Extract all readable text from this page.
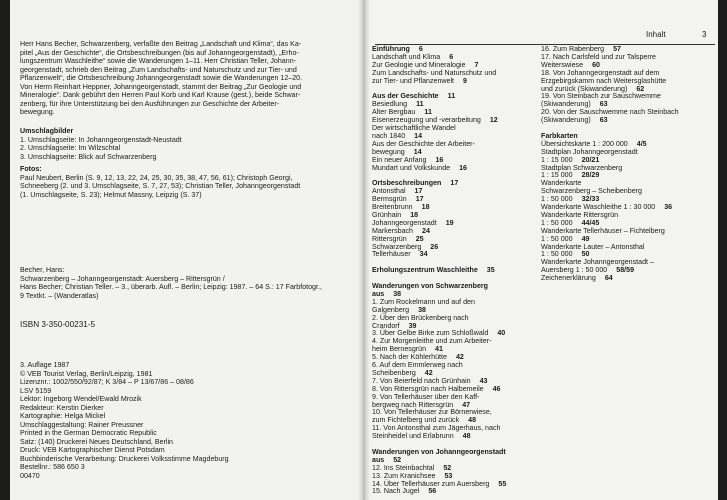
Herr Hans Becher, Schwarzenberg, verfaßte den Beitrag „Landschaft und Klima“, das Ka-
pitel „Aus der Geschichte“, die Ortsbeschreibungen (bis auf Johanngeorgenstadt), „Erho-
lungszentrum Waschleithe“ sowie die Wanderungen 1–11. Herr Christian Teller, Johann-
georgenstadt, schrieb den Beitrag „Zum Landschafts- und Naturschutz und zur Tier- und
Pflanzenwelt“, die Ortsbeschreibung Johanngeorgenstadt sowie die Wanderungen 12–20.
Von Herrn Reinhart Heppner, Johanngeorgenstadt, stammt der Beitrag „Zur Geologie und
Mineralogie“. Dank gebührt den Herren Paul Korb und Karl Krause (gest.), beide Schwar-
zenberg, für ihre Unterstützung bei den Ausführungen zur Geschichte der Arbeiter-
bewegung.
Umschlagbilder
1. Umschlagseite: In Johanngeorgenstadt-Neustadt
2. Umschlagseite: Im Wilzschtal
3. Umschlagseite: Blick auf Schwarzenberg
Fotos:
Paul Neubert, Berlin (S. 9, 12, 13, 22, 24, 25, 30, 35, 38, 47, 56, 61); Christoph Georgi,
Schneeberg (2. und 3. Umschlagseite, S. 7, 27, 53); Christian Teller, Johanngeorgenstadt
(1. Umschlagseite, S. 23); Helmut Massny, Leipzig (S. 37)
Becher, Hans:
Schwarzenberg – Johanngeorgenstadt: Auersberg – Rittersgrün /
Hans Becher; Christian Teller. – 3., überarb. Aufl. – Berlin; Leipzig: 1987. – 64 S.: 17 Farbfotogr.,
9 Textkt. – (Wanderatlas)
ISBN 3-350-00231-5
3. Auflage 1987
© VEB Tourist Verlag, Berlin/Leipzig, 1981
Lizenznr.: 1002/550/92/87; K 3/84 – P 13/67/86 – 08/86
LSV 5159
Lektor: Ingeborg Wendel/Ewald Mrozik
Redakteur: Kerstin Dierker
Kartographie: Helga Mickel
Umschlaggestaltung: Rainer Preussner
Printed in the German Democratic Republic
Satz: (140) Druckerei Neues Deutschland, Berlin
Druck: VEB Kartographischer Dienst Potsdam
Buchbinderische Verarbeitung: Druckerei Volksstimme Magdeburg
Bestellnr.: 586 650 3
00470
Inhalt	3
Einführung 6
Landschaft und Klima 6
Zur Geologie und Mineralogie 7
Zum Landschafts- und Naturschutz und
zur Tier- und Pflanzenwelt 9
Aus der Geschichte 11
Besiedlung 11
Alter Bergbau 11
Eisenerzeugung und -verarbeitung 12
Der wirtschaftliche Wandel
nach 1840 14
Aus der Geschichte der Arbeiter-
bewegung 14
Ein neuer Anfang 16
Mundart und Volkskunde 16
Ortsbeschreibungen 17
Antonsthal 17
Bermsgrün 17
Breitenbrunn 18
Grünhain 18
Johanngeorgenstadt 19
Markersbach 24
Rittersgrün 25
Schwarzenberg 26
Tellerhäuser 34
Erholungszentrum Waschleithe 35
Wanderungen von Schwarzenberg
aus 38
1. Zum Rockelmann und auf den
Galgenberg 38
2. Über den Brückenberg nach
Crandorf 39
3. Über Gelbe Birke zum Schloßwald 40
4. Zur Morgenleithe und zum Arbeiter-
heim Bernesgrün 41
5. Nach der Köhlerhütte 42
6. Auf dem Emmlerweg nach
Scheibenberg 42
7. Von Beierfeld nach Grünhain 43
8. Von Rittersgrün nach Halbemeile 46
9. Von Tellerhäuser über den Kaff-
bergweg nach Rittersgrün 47
10. Von Tellerhäuser zur Börnerwiese,
zum Fichtelberg und zurück 48
11. Von Antonsthal zum Jägerhaus, nach
Steinheidel und Erlabrunn 48
Wanderungen von Johanngeorgenstadt
aus 52
12. Ins Steinbachtal 52
13. Zum Kranichsee 53
14. Über Tellerhäuser zum Auersberg 55
15. Nach Jugel 56
16. Zum Rabenberg 57
17. Nach Carlsfeld und zur Talsperre
Weiterswiese 60
18. Von Johanngeorgenstadt auf dem
Erzgebirgskamm nach Weitersglashütte
und zurück (Skiwanderung) 62
19. Von Steinbach zur Sauschwemme
(Skiwanderung) 63
20. Von der Sauschwemme nach Steinbach
(Skiwanderung) 63
Farbkarten
Übersichtskarte 1 : 200 000 4/5
Stadtplan Johanngeorgenstadt
1 : 15 000 20/21
Stadtplan Schwarzenberg
1 : 15 000 28/29
Wanderkarte
Schwarzenberg – Scheibenberg
1 : 50 000 32/33
Wanderkarte Waschleithe 1 : 30 000 36
Wanderkarte Rittersgrün
1 : 50 000 44/45
Wanderkarte Tellerhäuser – Fichtelberg
1 : 50 000 49
Wanderkarte Lauter – Antonsthal
1 : 50 000 50
Wanderkarte Johanngeorgenstadt –
Auersberg 1 : 50 000 58/59
Zeichenerklärung 64
